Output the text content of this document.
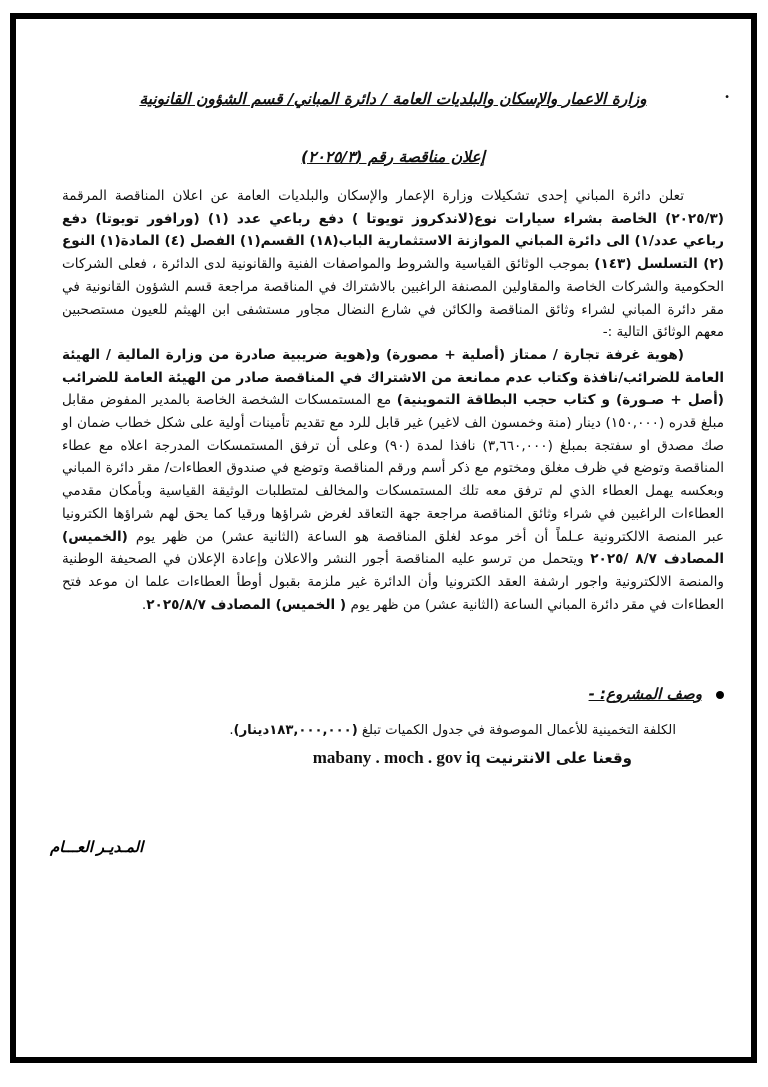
•
وزارة الاعمار والإسكان والبلديات العامة / دائرة المباني/ قسم الشؤون القانونية
إعلان مناقصة رقم (٢٠٢٥/٣)

تعلن دائرة المباني إحدى تشكيلات وزارة الإعمار والإسكان والبلديات العامة عن اعلان المناقصة المرقمة (٢٠٢٥/٣) الخاصة بشراء سيارات نوع(لاندكروز تويوتا ) دفع رباعي عدد (١) (ورافور تويوتا) دفع رباعي عدد/١) الى دائرة المباني الموازنة الاستثمارية الباب(١٨) القسم(١) الفصل (٤) المادة(١) النوع (٢) التسلسل (١٤٣) بموجب الوثائق القياسية والشروط والمواصفات الفنية والقانونية لدى الدائرة ، فعلى الشركات الحكومية والشركات الخاصة والمقاولين المصنفة الراغبين بالاشتراك في المناقصة مراجعة قسم الشؤون القانونية في مقر دائرة المباني لشراء وثائق المناقصة والكائن في شارع النضال مجاور مستشفى ابن الهيثم للعيون مستصحبين معهم الوثائق التالية :-

(هوية غرفة تجارة / ممتاز (أصلية + مصورة) و(هوية ضريبية صادرة من وزارة المالية / الهيئة العامة للضرائب/نافذة وكتاب عدم ممانعة من الاشتراك في المناقصة صادر من الهيئة العامة للضرائب (أصل + صـورة) و كتاب حجب البطاقة التموينية) مع المستمسكات الشخصة الخاصة بالمدير المفوض مقابل مبلغ قدره (١٥٠,٠٠٠) دينار (منة وخمسون الف لاغير) غير قابل للرد مع تقديم تأمينات أولية على شكل خطاب ضمان او صك مصدق او سفتجة بمبلغ (٣,٦٦٠,٠٠٠) نافذا لمدة (٩٠) وعلى أن ترفق المستمسكات المدرجة اعلاه مع عطاء المناقصة وتوضع في ظرف مغلق ومختوم مع ذكر أسم ورقم المناقصة وتوضع في صندوق العطاءات/ مقر دائرة المباني وبعكسه يهمل العطاء الذي لم ترفق معه تلك المستمسكات والمخالف لمتطلبات الوثيقة القياسية وبأمكان مقدمي العطاءات الراغبين في شراء وثائق المناقصة مراجعة جهة التعاقد لغرض شراؤها ورقيا كما يحق لهم شراؤها الكترونيا عبر المنصة الالكترونية عـلماً أن أخر موعد لغلق المناقصة هو الساعة (الثانية عشر) من ظهر يوم (الخميس) المصادف ٨/٧ /٢٠٢٥ ويتحمل من ترسو عليه المناقصة أجور النشر والاعلان وإعادة الإعلان في الصحيفة الوطنية والمنصة الالكترونية واجور ارشفة العقد الكترونيا وأن الدائرة غير ملزمة بقبول أوطأ العطاءات علما ان موعد فتح العطاءات في مقر دائرة المباني الساعة (الثانية عشر) من ظهر يوم ( الخميس) المصادف ٢٠٢٥/٨/٧.

وصف المشروع: -
الكلفة التخمينية للأعمال الموصوفة في جدول الكميات تبلغ (١٨٣,٠٠٠,٠٠٠دينار).
وقعنا على الانترنيت mabany . moch . gov iq
المـديـر العـــام
